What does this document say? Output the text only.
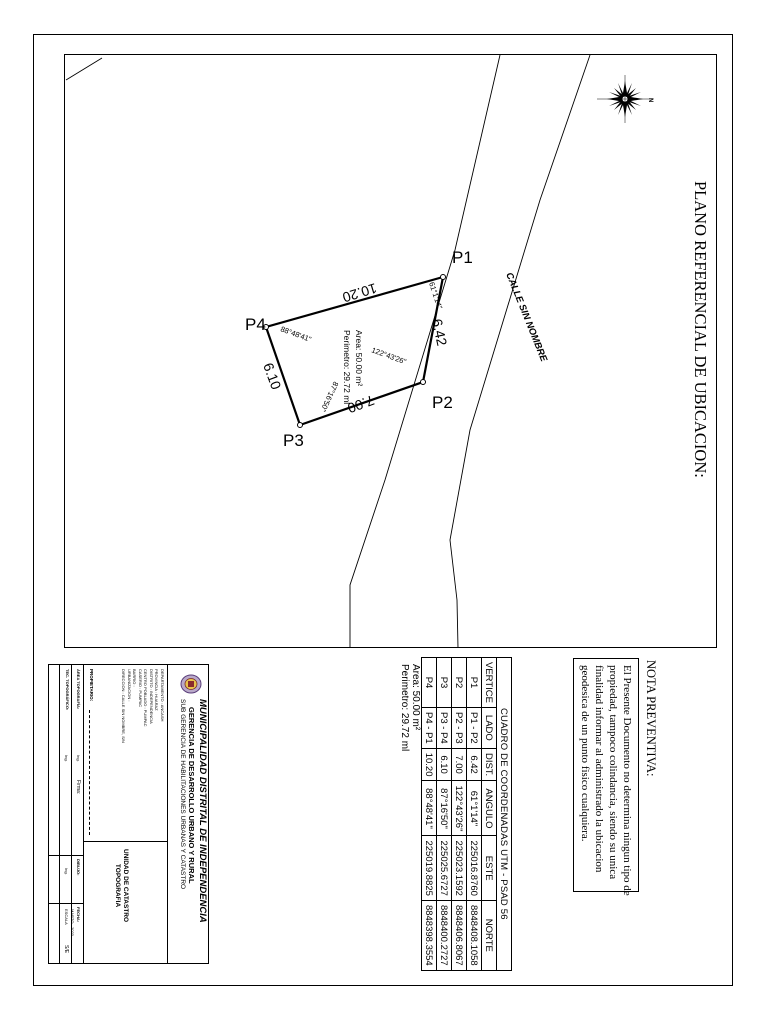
P1
P2
P3
P4	6.42
7.00
6.10
10.20	61°1'14"
122°43'26"
87°16'50"
88°48'41"	Area: 50.00 m²
Perimetro: 29.72 ml
CALLE SIN NOMBRE
N
PLANO REFERENCIAL DE UBICACION:
NOTA PREVENTIVA:
El Presente Documento no determina ningun tipo de
propiedad, tampoco colindancia, siendo su unica
finalidad informar al administrado la ubicacion
geodesica de un punto fisico cualquiera.
CUADRO DE COORDENADAS UTM - PSAD 56					
VERTICE	LADO	DIST.	ANGULO	ESTE	NORTE
P1	P1 - P2	6.42	61°1'14"	225016.8760	8848408.1058
P2	P2 - P3	7.00	122°43'26"	225023.1592	8848406.8067
P3	P3 - P4	6.10	87°16'50"	225025.6727	8848400.2727
P4	P4 - P1	10.20	88°48'41"	225019.8825	8848398.3554
Area: 50.00 m²
Perimetro: 29.72 ml
MUNICIPALIDAD DISTRITAL DE INDEPENDENCIA
GERENCIA DE DESARROLLO URBANO Y RURAL
SUB GERENCIA DE HABILITACIONES URBANAS Y CATASTRO
DEPARTAMENTO : ANCASH
PROVINCIA : HUARAZ
DISTRITO : INDEPENDENCIA
CENTRO POBLADO : PUMPAC
CASERIO : PUMPAC
BARRIO :
URBANIZACION :
DIRECCION : CALLE SIN NOMBRE, S/N
UNIDAD DE CATASTRO
TOPOGRAFIA
PROPIETARIO:
ÁREA TOPOGRAFÍA:
TEC. TOPOGRÁFICO:
Firma:
Ing.
Ing.
Ing. DIBUJO:
FECHA:
MARZO - 2023
ESCALA
S/E
